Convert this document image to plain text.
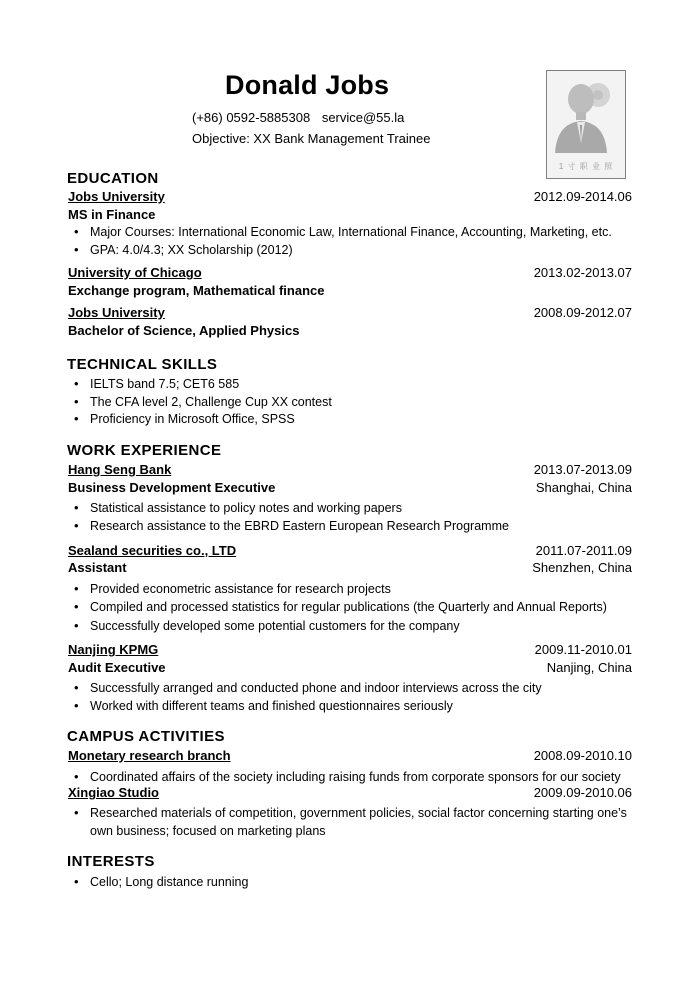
Donald Jobs
(+86) 0592-5885308 service@55.la
Objective: XX Bank Management Trainee
1 寸 职 业 照
EDUCATION
Jobs University	2012.09-2014.06
MS in Finance
• Major Courses: International Economic Law, International Finance, Accounting, Marketing, etc.
• GPA: 4.0/4.3; XX Scholarship (2012)
University of Chicago	2013.02-2013.07
Exchange program, Mathematical finance
Jobs University	2008.09-2012.07
Bachelor of Science, Applied Physics
TECHNICAL SKILLS
• IELTS band 7.5; CET6 585
• The CFA level 2, Challenge Cup XX contest
• Proficiency in Microsoft Office, SPSS
WORK EXPERIENCE
Hang Seng Bank	2013.07-2013.09
Business Development Executive	Shanghai, China
• Statistical assistance to policy notes and working papers
• Research assistance to the EBRD Eastern European Research Programme
Sealand securities co., LTD	2011.07-2011.09
Assistant	Shenzhen, China
• Provided econometric assistance for research projects
• Compiled and processed statistics for regular publications (the Quarterly and Annual Reports)
• Successfully developed some potential customers for the company
Nanjing KPMG	2009.11-2010.01
Audit Executive	Nanjing, China
• Successfully arranged and conducted phone and indoor interviews across the city
• Worked with different teams and finished questionnaires seriously
CAMPUS ACTIVITIES
Monetary research branch	2008.09-2010.10
• Coordinated affairs of the society including raising funds from corporate sponsors for our society
Xingiao Studio	2009.09-2010.06
• Researched materials of competition, government policies, social factor concerning starting one’s own business; focused on marketing plans
INTERESTS
• Cello; Long distance running
